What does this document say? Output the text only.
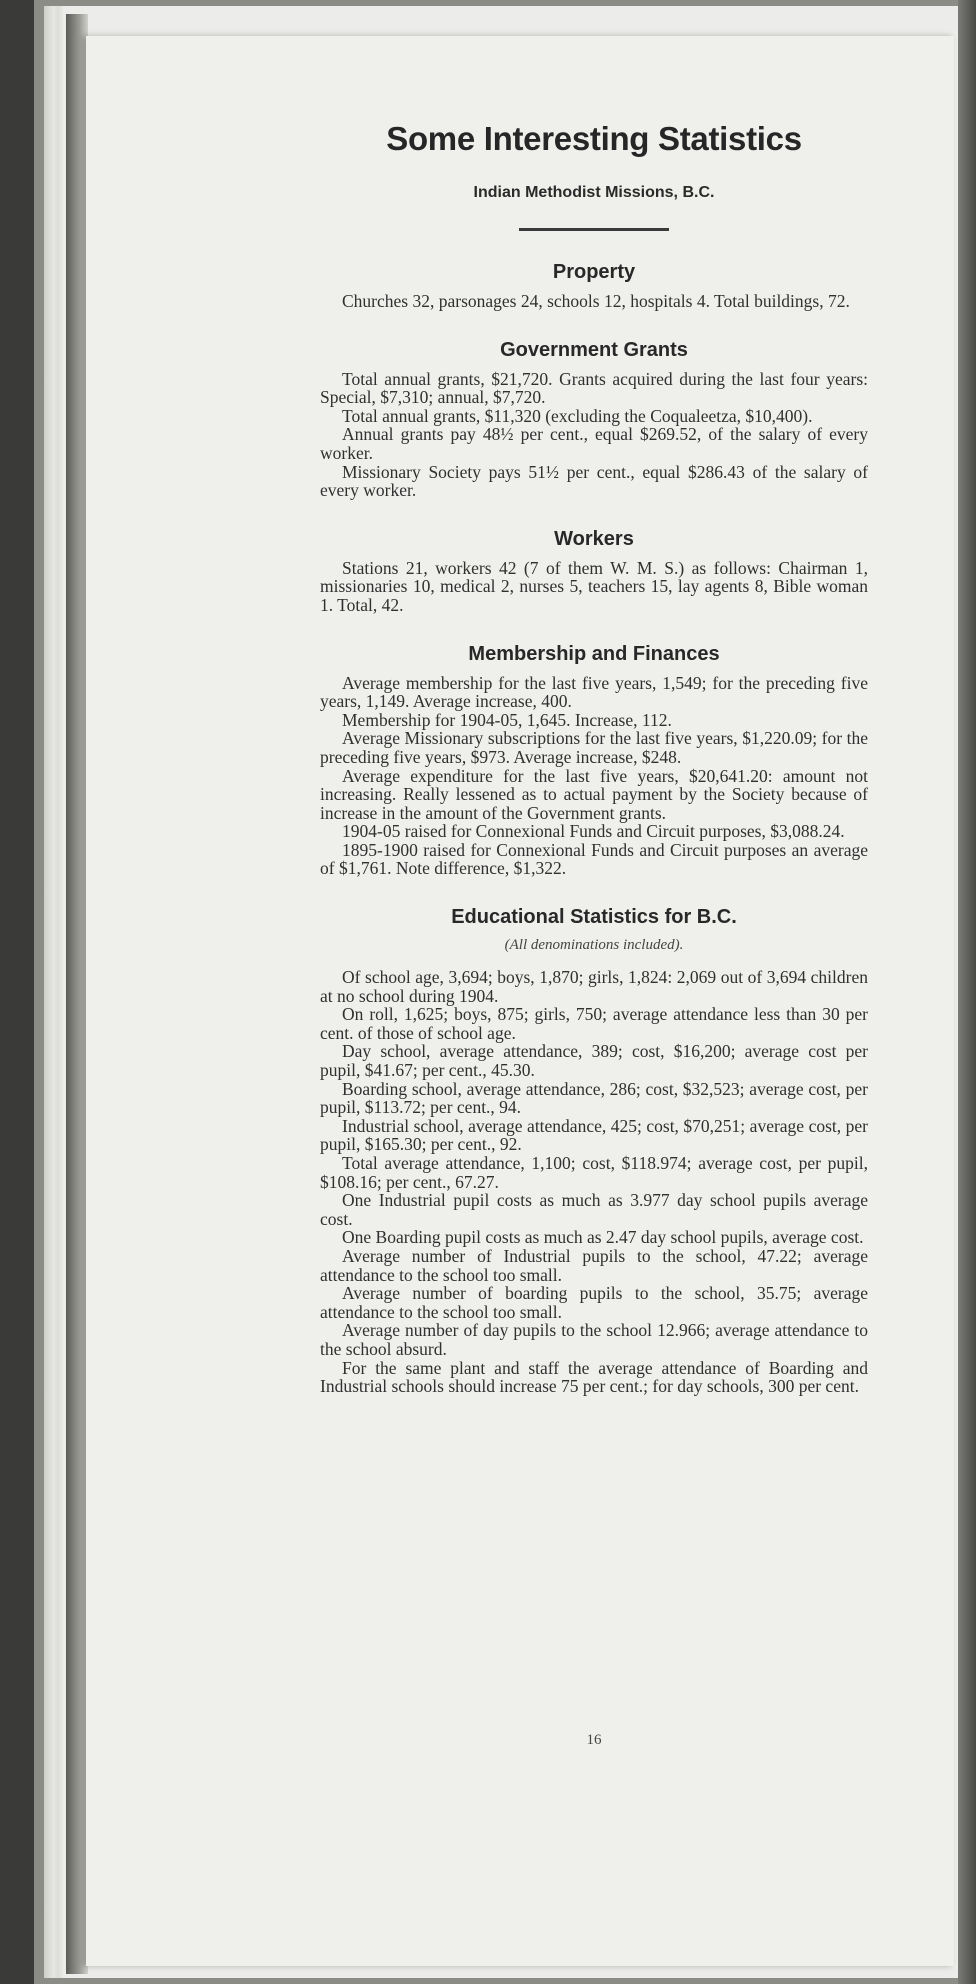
Some Interesting Statistics
Indian Methodist Missions, B.C.
Property

Churches 32, parsonages 24, schools 12, hospitals 4. Total buildings, 72.

Government Grants

Total annual grants, $21,720. Grants acquired during the last four years: Special, $7,310; annual, $7,720.

Total annual grants, $11,320 (excluding the Coqualeetza, $10,400).

Annual grants pay 48½ per cent., equal $269.52, of the salary of every worker.

Missionary Society pays 51½ per cent., equal $286.43 of the salary of every worker.

Workers

Stations 21, workers 42 (7 of them W. M. S.) as follows: Chairman 1, missionaries 10, medical 2, nurses 5, teachers 15, lay agents 8, Bible woman 1. Total, 42.

Membership and Finances

Average membership for the last five years, 1,549; for the preceding five years, 1,149. Average increase, 400.

Membership for 1904-05, 1,645. Increase, 112.

Average Missionary subscriptions for the last five years, $1,220.09; for the preceding five years, $973. Average increase, $248.

Average expenditure for the last five years, $20,641.20: amount not increasing. Really lessened as to actual payment by the Society because of increase in the amount of the Government grants.

1904-05 raised for Connexional Funds and Circuit purposes, $3,088.24.

1895-1900 raised for Connexional Funds and Circuit purposes an average of $1,761. Note difference, $1,322.

Educational Statistics for B.C.
(All denominations included).

Of school age, 3,694; boys, 1,870; girls, 1,824: 2,069 out of 3,694 children at no school during 1904.

On roll, 1,625; boys, 875; girls, 750; average attendance less than 30 per cent. of those of school age.

Day school, average attendance, 389; cost, $16,200; average cost per pupil, $41.67; per cent., 45.30.

Boarding school, average attendance, 286; cost, $32,523; average cost, per pupil, $113.72; per cent., 94.

Industrial school, average attendance, 425; cost, $70,251; average cost, per pupil, $165.30; per cent., 92.

Total average attendance, 1,100; cost, $118.974; average cost, per pupil, $108.16; per cent., 67.27.

One Industrial pupil costs as much as 3.977 day school pupils average cost.

One Boarding pupil costs as much as 2.47 day school pupils, average cost.

Average number of Industrial pupils to the school, 47.22; average attendance to the school too small.

Average number of boarding pupils to the school, 35.75; average attendance to the school too small.

Average number of day pupils to the school 12.966; average attendance to the school absurd.

For the same plant and staff the average attendance of Boarding and Industrial schools should increase 75 per cent.; for day schools, 300 per cent.

16
